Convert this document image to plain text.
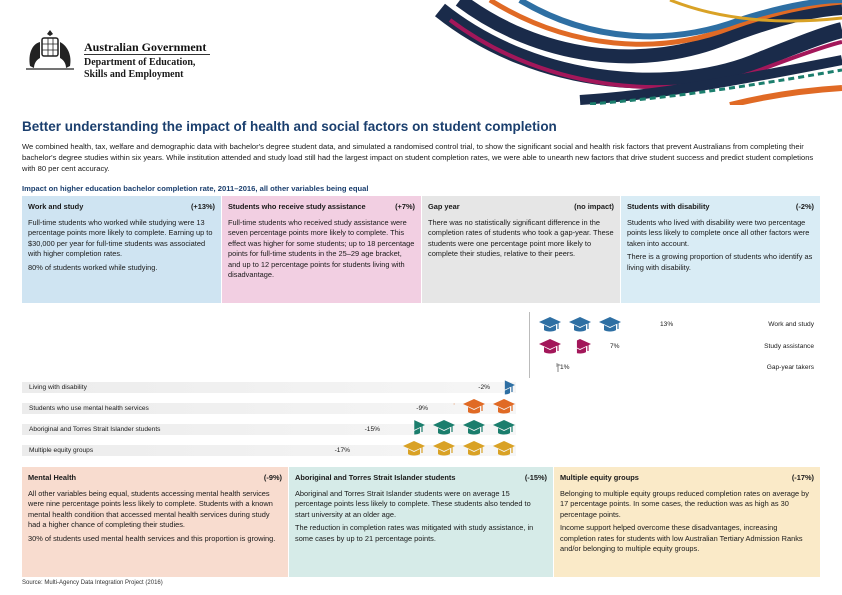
Australian Government
Department of Education,
Skills and Employment
Better understanding the impact of health and social factors on student completion
We combined health, tax, welfare and demographic data with bachelor's degree student data, and simulated a randomised control trial, to show the significant social and health risk factors that prevent Australians from completing their bachelor's degree studies within six years. While institution attended and study load still had the largest impact on student completion rates, we were able to unearth new factors that drive student success and predict student completions with 80 per cent accuracy.
Impact on higher education bachelor completion rate, 2011–2016, all other variables being equal
Work and study	(+13%)

Full-time students who worked while studying were 13 percentage points more likely to complete. Earning up to $30,000 per year for full-time students was associated with higher completion rates.

80% of students worked while studying.

Students who receive study assistance	(+7%)

Full-time students who received study assistance were seven percentage points more likely to complete. This effect was higher for some students; up to 18 percentage points for full-time students in the 25–29 age bracket, and up to 12 percentage points for students living with disadvantage.

Gap year	(no impact)

There was no statistically significant difference in the completion rates of students who took a gap-year. These students were one percentage point more likely to complete their studies, relative to their peers.

Students with disability	(-2%)

Students who lived with disability were two percentage points less likely to complete once all other factors were taken into account.

There is a growing proportion of students who identify as living with disability.

13%	Work and study
7%	Study assistance
1%	Gap-year takers
Living with disability	-2%
Students who use mental health services	-9%
Aboriginal and Torres Strait Islander students	-15%
Multiple equity groups	-17%
Mental Health	(-9%)

All other variables being equal, students accessing mental health services were nine percentage points less likely to complete. Students with a known mental health condition that accessed mental health services during study had a higher chance of completing their studies.

30% of students used mental health services and this proportion is growing.

Aboriginal and Torres Strait Islander students	(-15%)

Aboriginal and Torres Strait Islander students were on average 15 percentage points less likely to complete. These students also tended to start university at an older age.

The reduction in completion rates was mitigated with study assistance, in some cases by up to 21 percentage points.

Multiple equity groups	(-17%)

Belonging to multiple equity groups reduced completion rates on average by 17 percentage points. In some cases, the reduction was as high as 30 percentage points.

Income support helped overcome these disadvantages, increasing completion rates for students with low Australian Tertiary Admission Ranks and/or belonging to multiple equity groups.

Source: Multi-Agency Data Integration Project (2016)
